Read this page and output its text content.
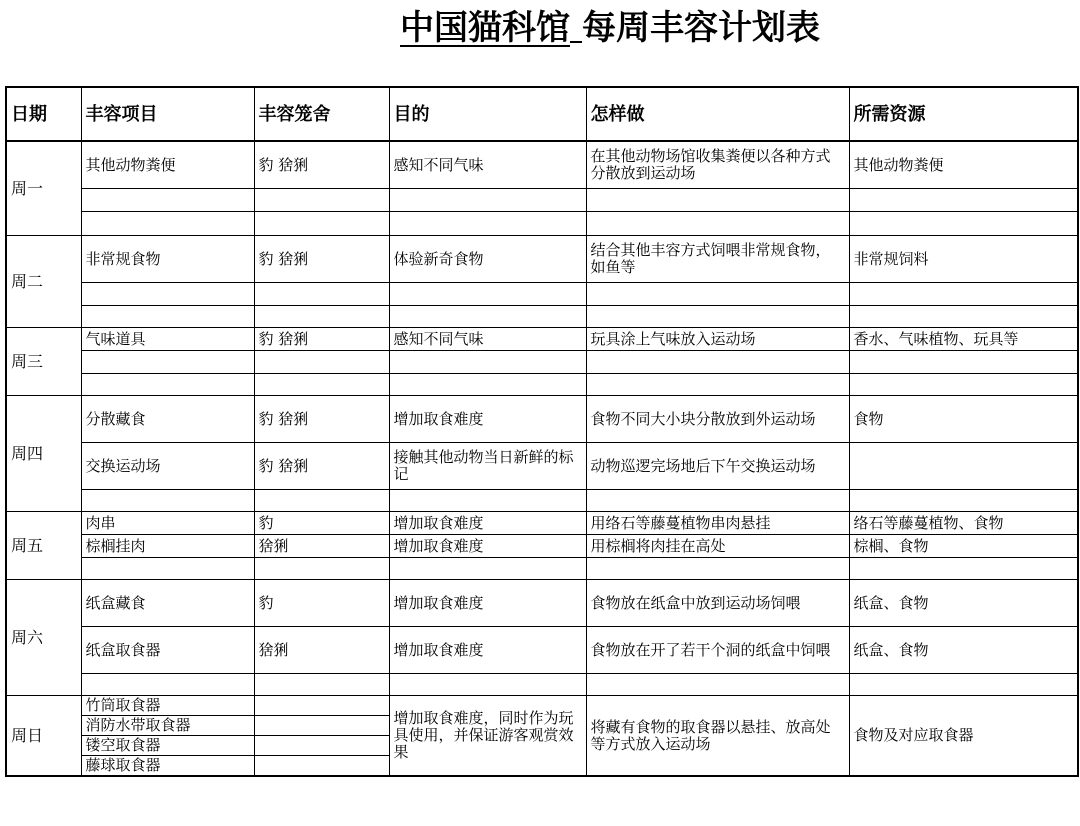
中国猫科馆 每周丰容计划表
日期	丰容项目	丰容笼舍	目的	怎样做	所需资源
周一	其他动物粪便	豹 猞猁	感知不同气味	在其他动物场馆收集粪便以各种方式分散放到运动场	其他动物粪便

周二	非常规食物	豹 猞猁	体验新奇食物	结合其他丰容方式饲喂非常规食物，如鱼等	非常规饲料

周三	气味道具	豹 猞猁	感知不同气味	玩具涂上气味放入运动场	香水、气味植物、玩具等

周四	分散藏食	豹 猞猁	增加取食难度	食物不同大小块分散放到外运动场	食物
	交换运动场	豹 猞猁	接触其他动物当日新鲜的标记	动物巡逻完场地后下午交换运动场	

周五	肉串	豹	增加取食难度	用络石等藤蔓植物串肉悬挂	络石等藤蔓植物、食物
	棕榈挂肉	猞猁	增加取食难度	用棕榈将肉挂在高处	棕榈、食物

周六	纸盒藏食	豹	增加取食难度	食物放在纸盒中放到运动场饲喂	纸盒、食物
	纸盒取食器	猞猁	增加取食难度	食物放在开了若干个洞的纸盒中饲喂	纸盒、食物

周日	竹筒取食器		增加取食难度，同时作为玩具使用，并保证游客观赏效果	将藏有食物的取食器以悬挂、放高处等方式放入运动场	食物及对应取食器
	消防水带取食器				
	镂空取食器				
	藤球取食器				
